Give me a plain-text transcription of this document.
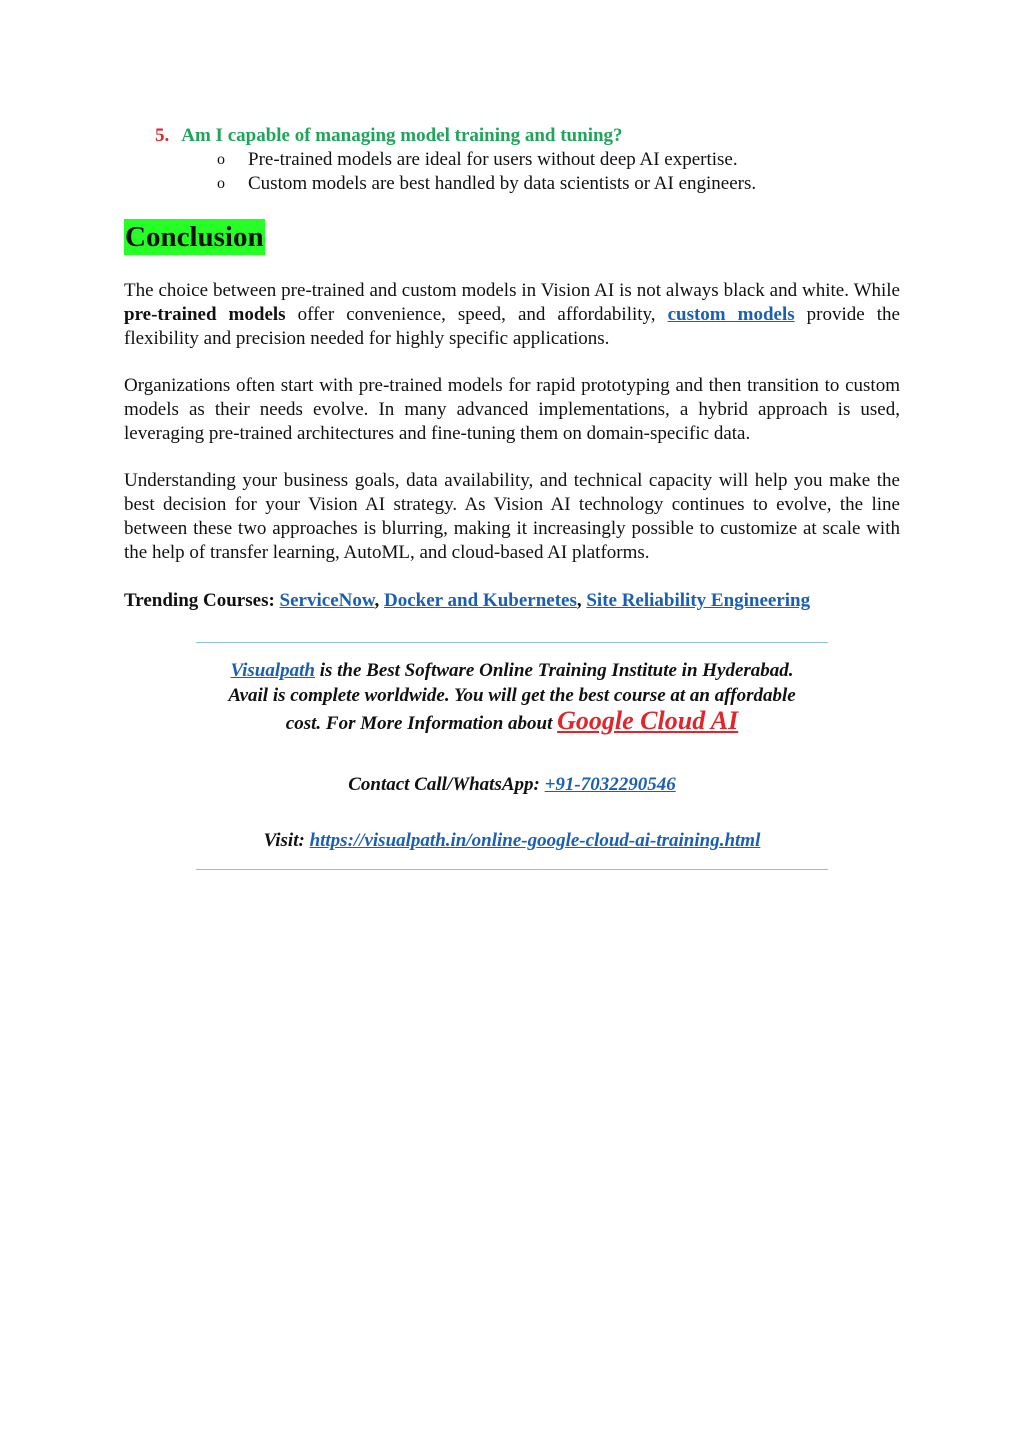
5. Am I capable of managing model training and tuning?
o Pre-trained models are ideal for users without deep AI expertise.
o Custom models are best handled by data scientists or AI engineers.
Conclusion

The choice between pre-trained and custom models in Vision AI is not always black and white. While pre-trained models offer convenience, speed, and affordability, custom models provide the flexibility and precision needed for highly specific applications.

Organizations often start with pre-trained models for rapid prototyping and then transition to custom models as their needs evolve. In many advanced implementations, a hybrid approach is used, leveraging pre-trained architectures and fine-tuning them on domain-specific data.

Understanding your business goals, data availability, and technical capacity will help you make the best decision for your Vision AI strategy. As Vision AI technology continues to evolve, the line between these two approaches is blurring, making it increasingly possible to customize at scale with the help of transfer learning, AutoML, and cloud-based AI platforms.

Trending Courses: ServiceNow, Docker and Kubernetes, Site Reliability Engineering
Visualpath is the Best Software Online Training Institute in Hyderabad.
Avail is complete worldwide. You will get the best course at an affordable
cost. For More Information about Google Cloud AI
Contact Call/WhatsApp: +91-7032290546
Visit: https://visualpath.in/online-google-cloud-ai-training.html
